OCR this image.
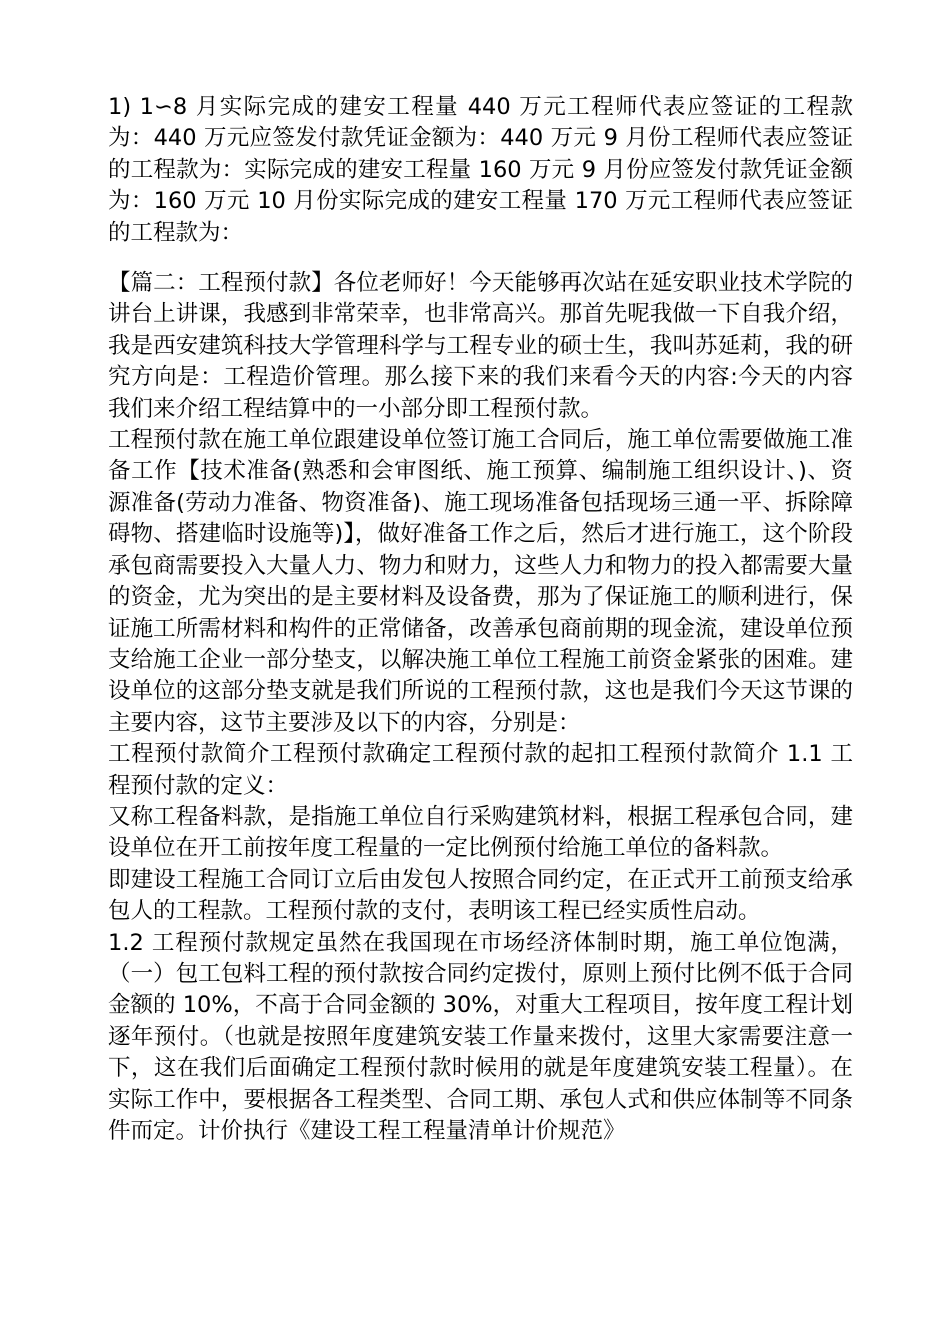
1) 1∽8 月实际完成的建安工程量 440 万元工程师代表应签证的工程款为：440 万元应签发付款凭证金额为：440 万元 9 月份工程师代表应签证的工程款为：实际完成的建安工程量 160 万元 9 月份应签发付款凭证金额为：160 万元 10 月份实际完成的建安工程量 170 万元工程师代表应签证的工程款为：

【篇二：工程预付款】各位老师好！今天能够再次站在延安职业技术学院的讲台上讲课，我感到非常荣幸，也非常高兴。那首先呢我做一下自我介绍，我是西安建筑科技大学管理科学与工程专业的硕士生，我叫苏延莉，我的研究方向是：工程造价管理。那么接下来的我们来看今天的内容:今天的内容我们来介绍工程结算中的一小部分即工程预付款。

工程预付款在施工单位跟建设单位签订施工合同后，施工单位需要做施工准备工作【技术准备(熟悉和会审图纸、施工预算、编制施工组织设计、)、资源准备(劳动力准备、物资准备)、施工现场准备包括现场三通一平、拆除障碍物、搭建临时设施等)】，做好准备工作之后，然后才进行施工，这个阶段承包商需要投入大量人力、物力和财力，这些人力和物力的投入都需要大量的资金，尤为突出的是主要材料及设备费，那为了保证施工的顺利进行，保证施工所需材料和构件的正常储备，改善承包商前期的现金流，建设单位预支给施工企业一部分垫支，以解决施工单位工程施工前资金紧张的困难。建设单位的这部分垫支就是我们所说的工程预付款，这也是我们今天这节课的主要内容，这节主要涉及以下的内容，分别是：

工程预付款简介工程预付款确定工程预付款的起扣工程预付款简介 1.1 工程预付款的定义：

又称工程备料款，是指施工单位自行采购建筑材料，根据工程承包合同，建设单位在开工前按年度工程量的一定比例预付给施工单位的备料款。

即建设工程施工合同订立后由发包人按照合同约定，在正式开工前预支给承包人的工程款。工程预付款的支付，表明该工程已经实质性启动。

1.2 工程预付款规定虽然在我国现在市场经济体制时期，施工单位饱满，（一）包工包料工程的预付款按合同约定拨付，原则上预付比例不低于合同金额的 10%，不高于合同金额的 30%，对重大工程项目，按年度工程计划逐年预付。（也就是按照年度建筑安装工作量来拨付，这里大家需要注意一下，这在我们后面确定工程预付款时候用的就是年度建筑安装工程量）。在实际工作中，要根据各工程类型、合同工期、承包人式和供应体制等不同条件而定。计价执行《建设工程工程量清单计价规范》
